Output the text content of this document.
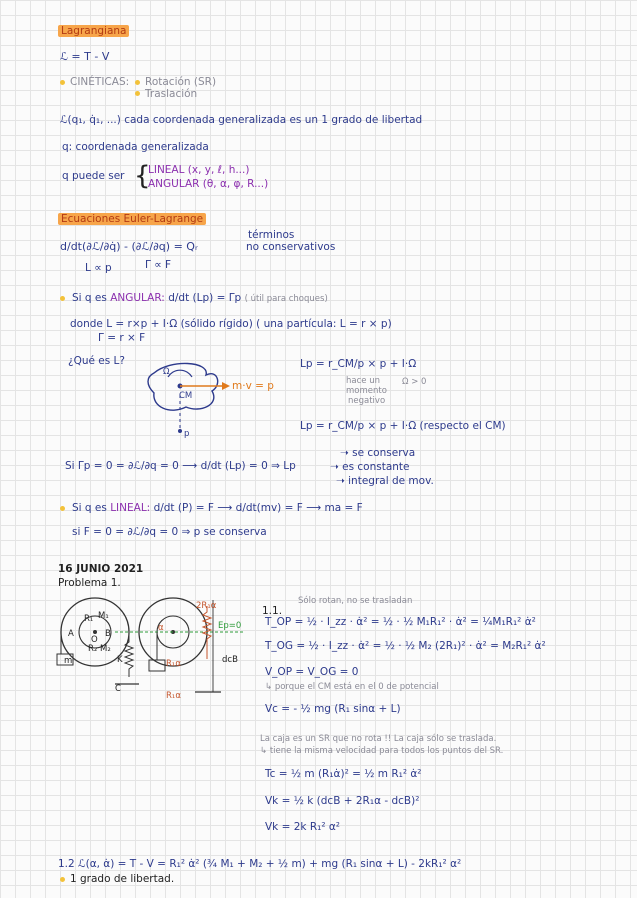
Lagrangiana
ℒ = T - V
CINÉTICAS: Rotación (SR)
Traslación
ℒ(q₁, q̇₁, ...) cada coordenada generalizada es un 1 grado de libertad
q: coordenada generalizada
q puede ser {
LINEAL (x, y, ℓ, h...)
ANGULAR (θ, α, φ, R...)
Ecuaciones Euler-Lagrange
d/dt(∂ℒ/∂q̇) - (∂ℒ/∂q) = Qᵣ
términos
no conservativos
L ∝ p	Γ ∝ F
Si q es ANGULAR: d/dt (Lp) = Γp ( útil para choques)
donde L = r×p + I·Ω (sólido rígido) ( una partícula: L = r × p)
Γ = r × F
¿Qué es L?
Ω
CM
m·v = p
p
Lp = r_CM/p × p + I·Ω
hace un
momento
negativo
Ω > 0
Lp = r_CM/p × p + I·Ω (respecto el CM)
Si Γp = 0 = ∂ℒ/∂q = 0 ⟶ d/dt (Lp) = 0 ⇒ Lp
➝ se conserva
➝ es constante
➝ integral de mov.
Si q es LINEAL: d/dt (P) = F ⟶ d/dt(mv) = F ⟶ ma = F
si F = 0 = ∂ℒ/∂q = 0 ⇒ p se conserva
16 JUNIO 2021
Problema 1.
m	K
C
A	B
O
R₁ M₁
R₂ M₂
α	Ep=0
2R₁α
dcB
R₁α
R₁α
1.1.
Sólo rotan, no se trasladan
T_OP = ½ · I_zz · α̇² = ½ · ½ M₁R₁² · α̇² = ¼M₁R₁² α̇²
T_OG = ½ · I_zz · α̇² = ½ · ½ M₂ (2R₁)² · α̇² = M₂R₁² α̇²
V_OP = V_OG = 0
↳ porque el CM está en el 0 de potencial
Vc = - ½ mg (R₁ sinα + L)
La caja es un SR que no rota !! La caja sólo se traslada.
↳ tiene la misma velocidad para todos los puntos del SR.
Tc = ½ m (R₁α̇)² = ½ m R₁² α̇²
Vk = ½ k (dcB + 2R₁α - dcB)²
Vk = 2k R₁² α²
1.2 ℒ(α, α̇) = T - V = R₁² α̇² (¾ M₁ + M₂ + ½ m) + mg (R₁ sinα + L) - 2kR₁² α²
1 grado de libertad.
